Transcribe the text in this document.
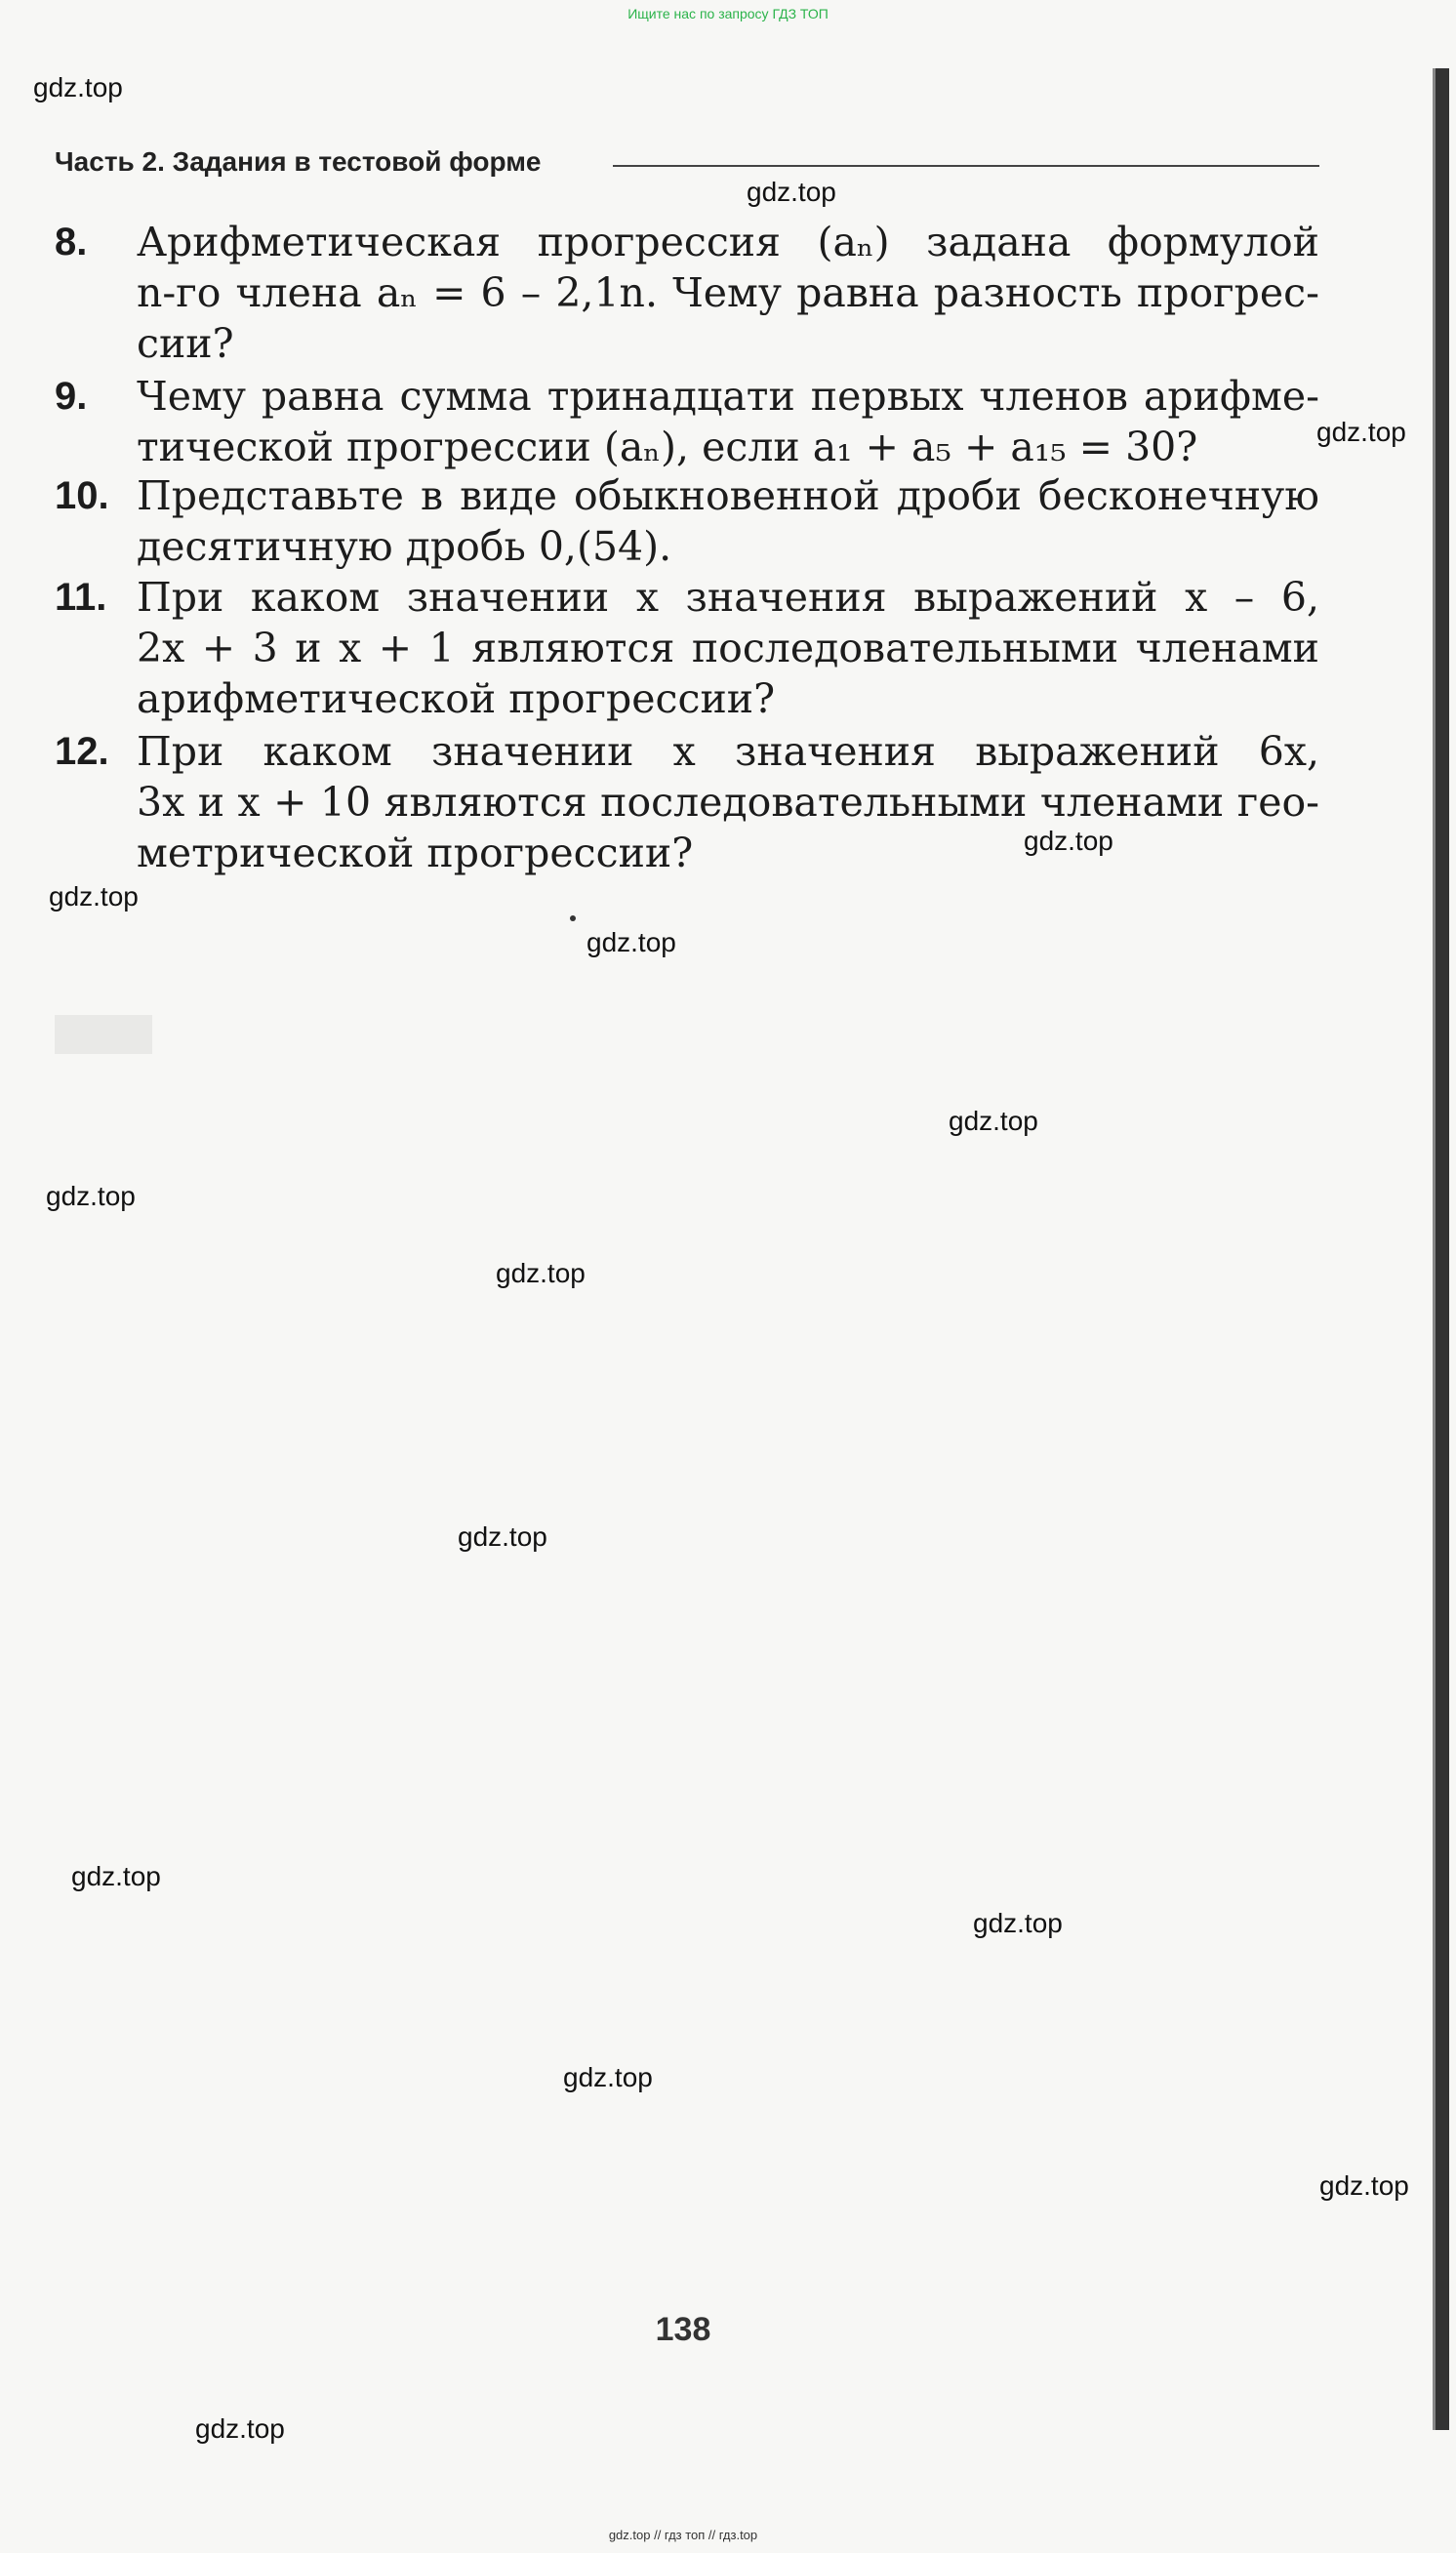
Ищите нас по запросу ГДЗ ТОП
gdz.top
gdz.top
gdz.top
gdz.top
gdz.top
gdz.top
gdz.top
gdz.top
gdz.top
gdz.top
gdz.top
gdz.top
gdz.top
gdz.top
gdz.top
Часть 2. Задания в тестовой форме
8.	Арифметическая прогрессия (aₙ) задана формулой
n-го члена aₙ = 6 – 2,1n. Чему равна разность прогрес-
сии?
9.	Чему равна сумма тринадцати первых членов арифме-
тической прогрессии (aₙ), если a₁ + a₅ + a₁₅ = 30?
10. Представьте в виде обыкновенной дроби бесконечную
десятичную дробь 0,(54).
11. При каком значении x значения выражений x – 6,
2x + 3 и x + 1 являются последовательными членами
арифметической прогрессии?
12. При каком значении x значения выражений 6x,
3x и x + 10 являются последовательными членами гео-
метрической прогрессии?
138
gdz.top // гдз топ // гдз.top
